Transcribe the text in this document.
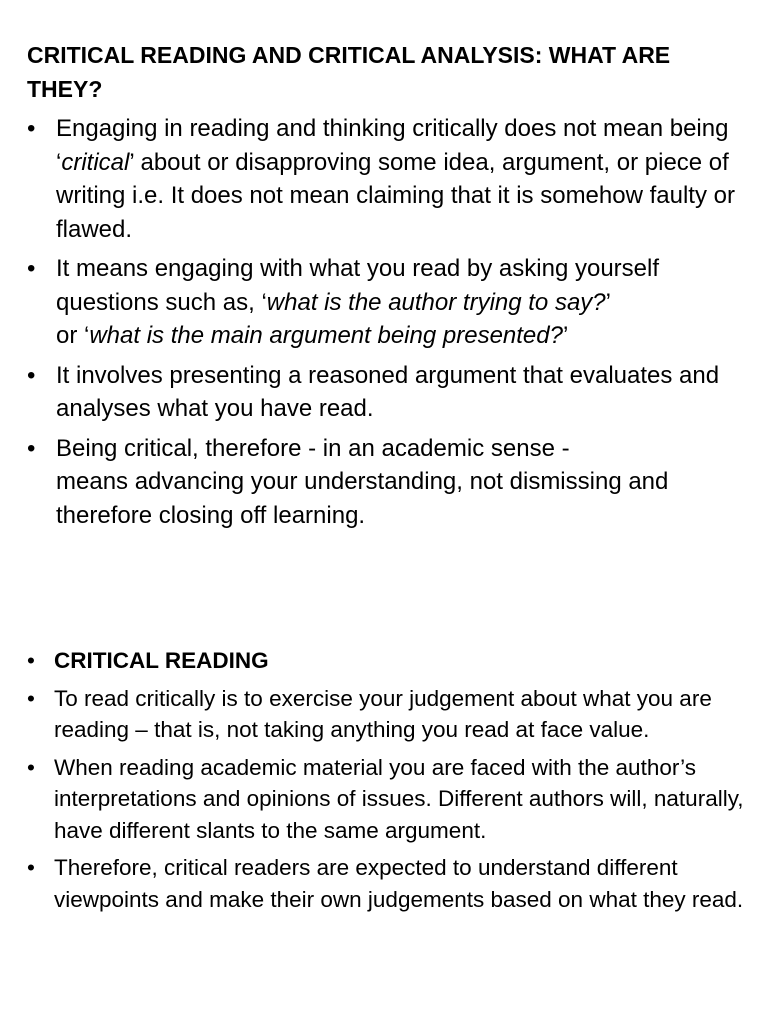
CRITICAL READING AND CRITICAL ANALYSIS: WHAT ARE THEY?
• Engaging in reading and thinking critically does not mean being ‘critical’ about or disapproving some idea, argument, or piece of writing i.e. It does not mean claiming that it is somehow faulty or flawed.
• It means engaging with what you read by asking yourself questions such as, ‘what is the author trying to say?’
or ‘what is the main argument being presented?’
• It involves presenting a reasoned argument that evaluates and analyses what you have read.
• Being critical, therefore - in an academic sense -
means advancing your understanding, not dismissing and therefore closing off learning.
• CRITICAL READING
• To read critically is to exercise your judgement about what you are reading – that is, not taking anything you read at face value.
• When reading academic material you are faced with the author’s interpretations and opinions of issues. Different authors will, naturally, have different slants to the same argument.
• Therefore, critical readers are expected to understand different viewpoints and make their own judgements based on what they read.
